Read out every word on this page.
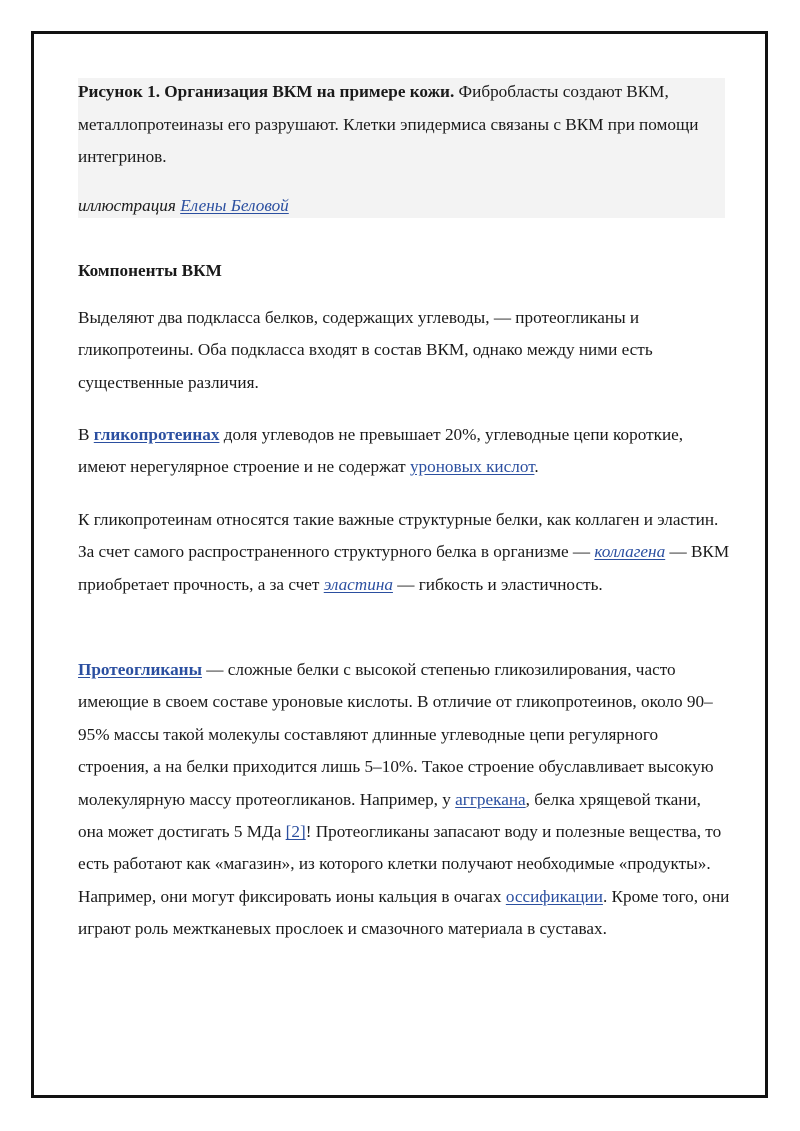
Рисунок 1. Организация ВКМ на примере кожи. Фибробласты создают ВКМ, металлопротеиназы его разрушают. Клетки эпидермиса связаны с ВКМ при помощи интегринов.

иллюстрация Елены Беловой

Компоненты ВКМ

Выделяют два подкласса белков, содержащих углеводы, — протеогликаны и гликопротеины. Оба подкласса входят в состав ВКМ, однако между ними есть существенные различия.

В гликопротеинах доля углеводов не превышает 20%, углеводные цепи короткие, имеют нерегулярное строение и не содержат уроновых кислот.

К гликопротеинам относятся такие важные структурные белки, как коллаген и эластин. За счет самого распространенного структурного белка в организме — коллагена — ВКМ приобретает прочность, а за счет эластина — гибкость и эластичность.

Протеогликаны — сложные белки с высокой степенью гликозилирования, часто имеющие в своем составе уроновые кислоты. В отличие от гликопротеинов, около 90–95% массы такой молекулы составляют длинные углеводные цепи регулярного строения, а на белки приходится лишь 5–10%. Такое строение обуславливает высокую молекулярную массу протеогликанов. Например, у аггрекана, белка хрящевой ткани, она может достигать 5 МДа [2]! Протеогликаны запасают воду и полезные вещества, то есть работают как «магазин», из которого клетки получают необходимые «продукты». Например, они могут фиксировать ионы кальция в очагах оссификации. Кроме того, они играют роль межтканевых прослоек и смазочного материала в суставах.
